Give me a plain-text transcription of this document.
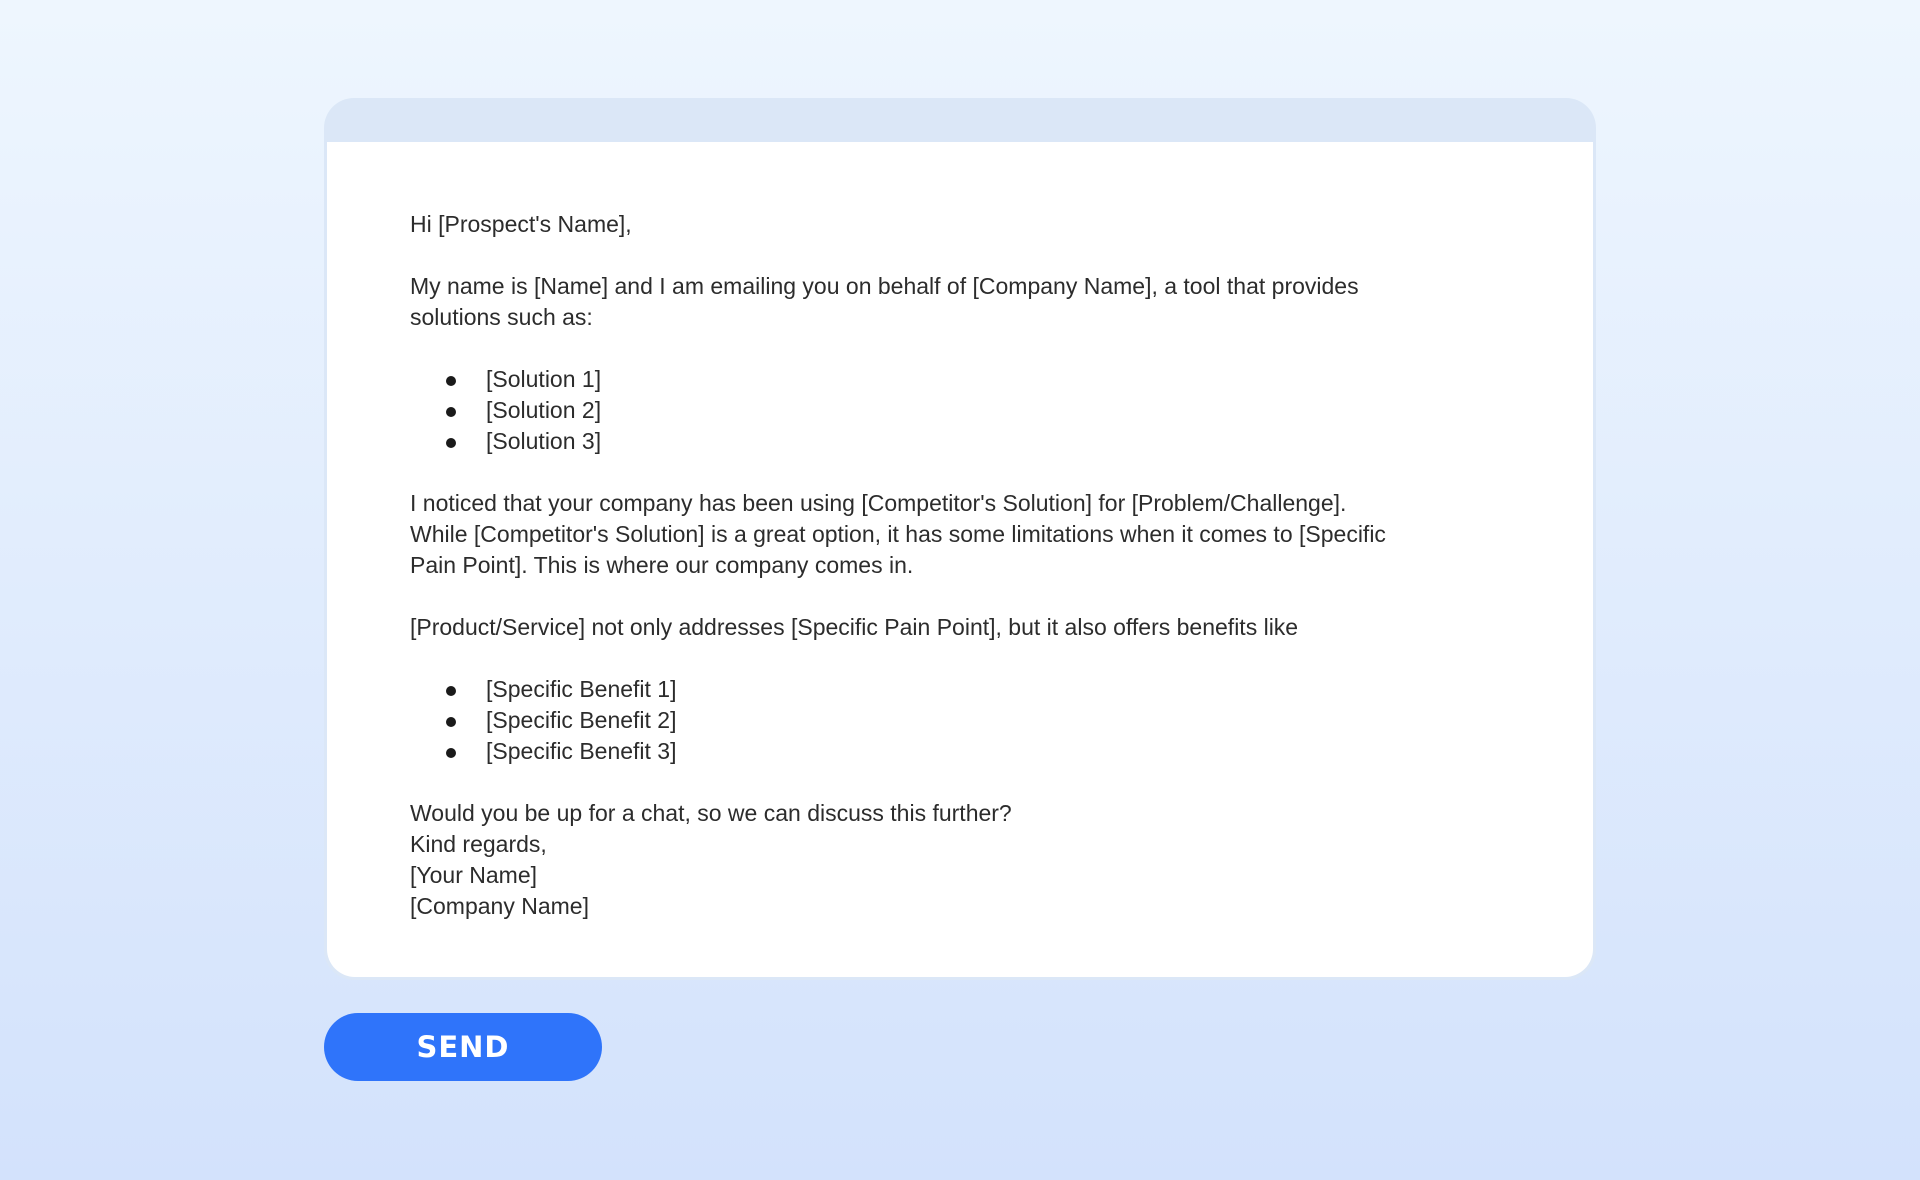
Hi [Prospect's Name],

My name is [Name] and I am emailing you on behalf of [Company Name], a tool that provides solutions such as:

[Solution 1]
[Solution 2]
[Solution 3]

I noticed that your company has been using [Competitor's Solution] for [Problem/Challenge]. While [Competitor's Solution] is a great option, it has some limitations when it comes to [Specific Pain Point]. This is where our company comes in.

[Product/Service] not only addresses [Specific Pain Point], but it also offers benefits like

[Specific Benefit 1]
[Specific Benefit 2]
[Specific Benefit 3]

Would you be up for a chat, so we can discuss this further?

Kind regards,

[Your Name]

[Company Name]

SEND
